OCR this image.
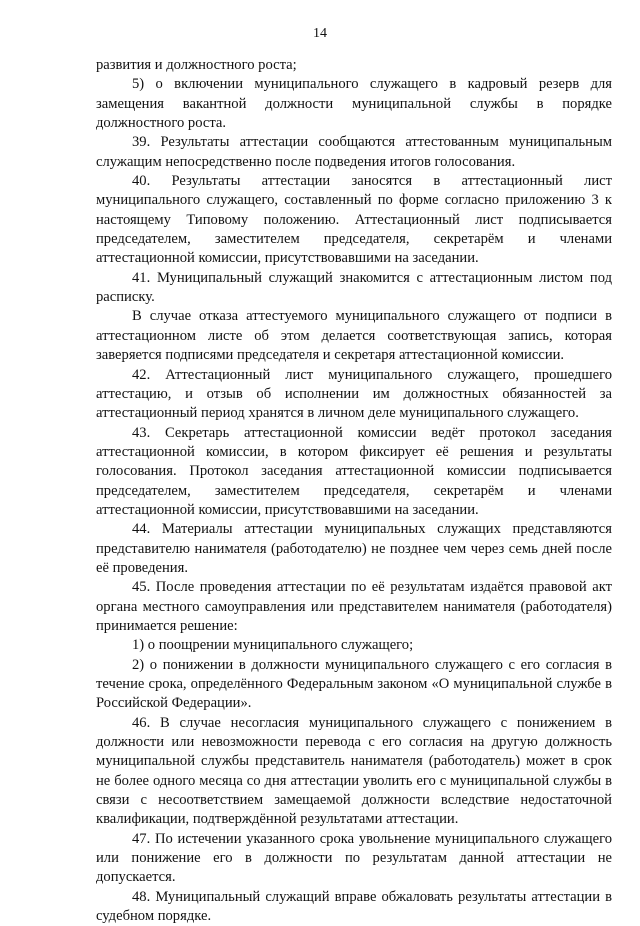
14

развития и должностного роста;

5) о включении муниципального служащего в кадровый резерв для замещения вакантной должности муниципальной службы в порядке должностного роста.

39. Результаты аттестации сообщаются аттестованным муниципальным служащим непосредственно после подведения итогов голосования.

40. Результаты аттестации заносятся в аттестационный лист муниципального служащего, составленный по форме согласно приложению 3 к настоящему Типовому положению. Аттестационный лист подписывается председателем, заместителем председателя, секретарём и членами аттестационной комиссии, присутствовавшими на заседании.

41. Муниципальный служащий знакомится с аттестационным листом под расписку.

В случае отказа аттестуемого муниципального служащего от подписи в аттестационном листе об этом делается соответствующая запись, которая заверяется подписями председателя и секретаря аттестационной комиссии.

42. Аттестационный лист муниципального служащего, прошедшего аттестацию, и отзыв об исполнении им должностных обязанностей за аттестационный период хранятся в личном деле муниципального служащего.

43. Секретарь аттестационной комиссии ведёт протокол заседания аттестационной комиссии, в котором фиксирует её решения и результаты голосования. Протокол заседания аттестационной комиссии подписывается председателем, заместителем председателя, секретарём и членами аттестационной комиссии, присутствовавшими на заседании.

44. Материалы аттестации муниципальных служащих представляются представителю нанимателя (работодателю) не позднее чем через семь дней после её проведения.

45. После проведения аттестации по её результатам издаётся правовой акт органа местного самоуправления или представителем нанимателя (работодателя) принимается решение:

1) о поощрении муниципального служащего;

2) о понижении в должности муниципального служащего с его согласия в течение срока, определённого Федеральным законом «О муниципальной службе в Российской Федерации».

46. В случае несогласия муниципального служащего с понижением в должности или невозможности перевода с его согласия на другую должность муниципальной службы представитель нанимателя (работодатель) может в срок не более одного месяца со дня аттестации уволить его с муниципальной службы в связи с несоответствием замещаемой должности вследствие недостаточной квалификации, подтверждённой результатами аттестации.

47. По истечении указанного срока увольнение муниципального служащего или понижение его в должности по результатам данной аттестации не допускается.

48. Муниципальный служащий вправе обжаловать результаты аттестации в судебном порядке.
